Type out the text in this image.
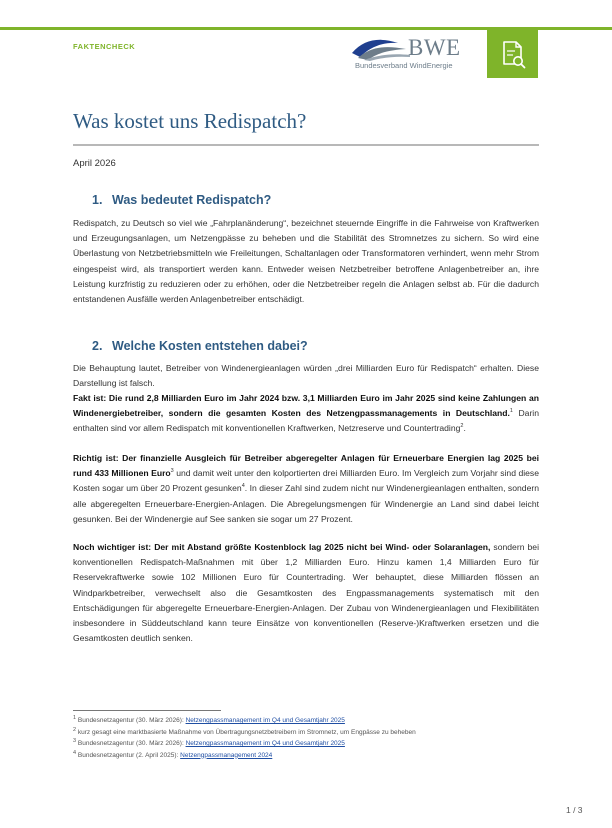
FAKTENCHECK	BWE
Bundesverband WindEnergie
Was kostet uns Redispatch?
April 2026
1. Was bedeutet Redispatch?

Redispatch, zu Deutsch so viel wie „Fahrplanänderung“, bezeichnet steuernde Eingriffe in die Fahrweise von Kraftwerken und Erzeugungsanlagen, um Netzengpässe zu beheben und die Stabilität des Stromnetzes zu sichern. So wird eine Überlastung von Netzbetriebsmitteln wie Freileitungen, Schaltanlagen oder Transformatoren verhindert, wenn mehr Strom eingespeist wird, als transportiert werden kann. Entweder weisen Netzbetreiber betroffene Anlagenbetreiber an, ihre Leistung kurzfristig zu reduzieren oder zu erhöhen, oder die Netzbetreiber regeln die Anlagen selbst ab. Für die dadurch entstandenen Ausfälle werden Anlagenbetreiber entschädigt.

2. Welche Kosten entstehen dabei?

Die Behauptung lautet, Betreiber von Windenergieanlagen würden „drei Milliarden Euro für Redispatch“ erhalten. Diese Darstellung ist falsch.

Fakt ist: Die rund 2,8 Milliarden Euro im Jahr 2024 bzw. 3,1 Milliarden Euro im Jahr 2025 sind keine Zahlungen an Windenergiebetreiber, sondern die gesamten Kosten des Netzengpassmanagements in Deutschland.$^1$ Darin enthalten sind vor allem Redispatch mit konventionellen Kraftwerken, Netzreserve und Countertrading$^2$.

Richtig ist: Der finanzielle Ausgleich für Betreiber abgeregelter Anlagen für Erneuerbare Energien lag 2025 bei rund 433 Millionen Euro$^3$ und damit weit unter den kolportierten drei Milliarden Euro. Im Vergleich zum Vorjahr sind diese Kosten sogar um über 20 Prozent gesunken$^4$. In dieser Zahl sind zudem nicht nur Windenergieanlagen enthalten, sondern alle abgeregelten Erneuerbare-Energien-Anlagen. Die Abregelungsmengen für Windenergie an Land sind dabei leicht gesunken. Bei der Windenergie auf See sanken sie sogar um 27 Prozent.

Noch wichtiger ist: Der mit Abstand größte Kostenblock lag 2025 nicht bei Wind- oder Solaranlagen, sondern bei konventionellen Redispatch-Maßnahmen mit über 1,2 Milliarden Euro. Hinzu kamen 1,4 Milliarden Euro für Reservekraftwerke sowie 102 Millionen Euro für Countertrading. Wer behauptet, diese Milliarden flössen an Windparkbetreiber, verwechselt also die Gesamtkosten des Engpassmanagements systematisch mit den Entschädigungen für abgeregelte Erneuerbare-Energien-Anlagen. Der Zubau von Windenergieanlagen und Flexibilitäten insbesondere in Süddeutschland kann teure Einsätze von konventionellen (Reserve-)Kraftwerken ersetzen und die Gesamtkosten deutlich senken.

$^1$ Bundesnetzagentur (30. März 2026): Netzengpassmanagement im Q4 und Gesamtjahr 2025
$^2$ kurz gesagt eine marktbasierte Maßnahme von Übertragungsnetzbetreibern im Stromnetz, um Engpässe zu beheben
$^3$ Bundesnetzagentur (30. März 2026): Netzengpassmanagement im Q4 und Gesamtjahr 2025
$^4$ Bundesnetzagentur (2. April 2025): Netzengpassmanagement 2024
1 / 3
